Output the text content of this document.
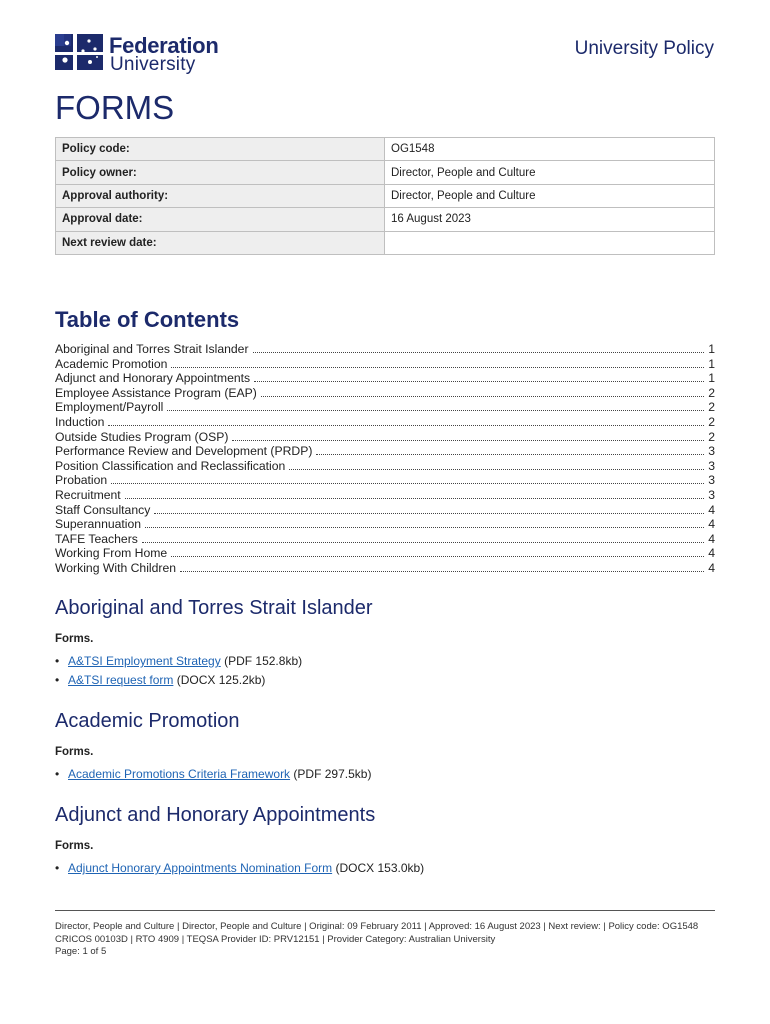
Federation
University
University Policy
FORMS
Policy code:	OG1548
Policy owner:	Director, People and Culture
Approval authority:	Director, People and Culture
Approval date:	16 August 2023
Next review date:	
Table of Contents
Aboriginal and Torres Strait Islander	1
Academic Promotion	1
Adjunct and Honorary Appointments	1
Employee Assistance Program (EAP)	2
Employment/Payroll	2
Induction	2
Outside Studies Program (OSP)	2
Performance Review and Development (PRDP)	3
Position Classification and Reclassification	3
Probation	3
Recruitment	3
Staff Consultancy	4
Superannuation	4
TAFE Teachers	4
Working From Home	4
Working With Children	4
Aboriginal and Torres Strait Islander

Forms.

• A&TSI Employment Strategy (PDF 152.8kb)
• A&TSI request form (DOCX 125.2kb)
Academic Promotion

Forms.

• Academic Promotions Criteria Framework (PDF 297.5kb)
Adjunct and Honorary Appointments

Forms.

• Adjunct Honorary Appointments Nomination Form (DOCX 153.0kb)
Director, People and Culture | Director, People and Culture | Original: 09 February 2011 | Approved: 16 August 2023 | Next review: | Policy code: OG1548
CRICOS 00103D | RTO 4909 | TEQSA Provider ID: PRV12151 | Provider Category: Australian University
Page: 1 of 5
